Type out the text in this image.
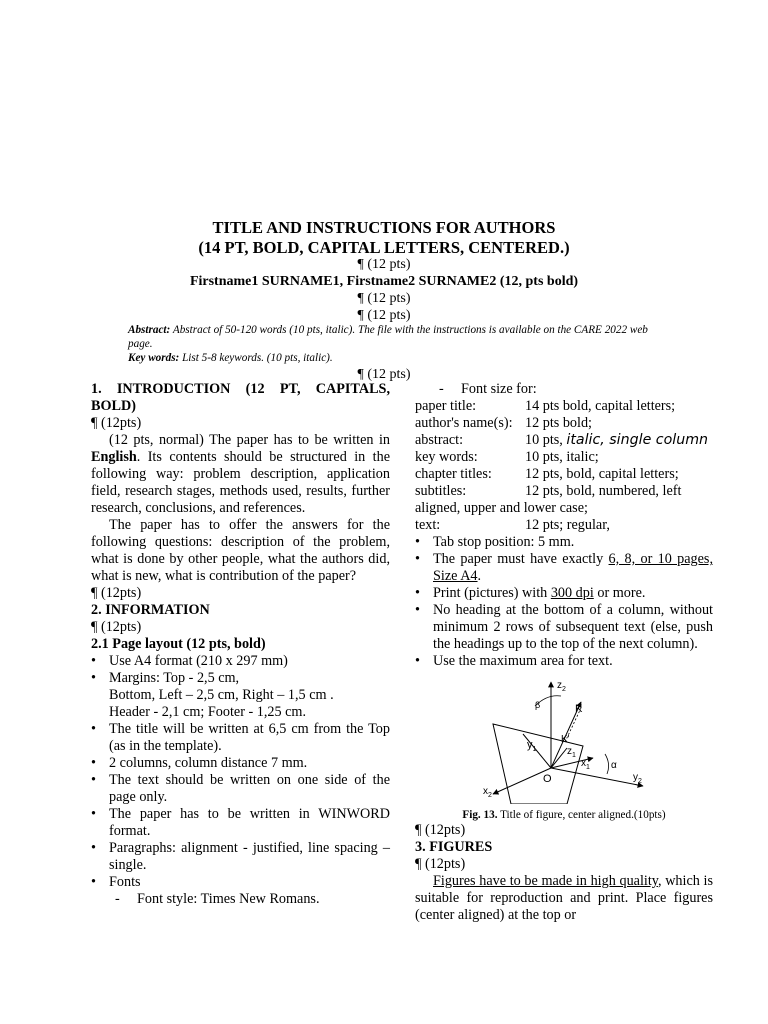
TITLE AND INSTRUCTIONS FOR AUTHORS
(14 PT, BOLD, CAPITAL LETTERS, CENTERED.)
¶ (12 pts)
Firstname1 SURNAME1, Firstname2 SURNAME2 (12, pts bold)
¶ (12 pts)
¶ (12 pts)
Abstract: Abstract of 50-120 words (10 pts, italic). The file with the instructions is available on the CARE 2022 web page.
Key words: List 5-8 keywords. (10 pts, italic).
¶ (12 pts)
1. INTRODUCTION (12 PT, CAPITALS, BOLD)
¶ (12pts)
(12 pts, normal) The paper has to be written in English. Its contents should be structured in the following way: problem description, application field, research stages, methods used, results, further research, conclusions, and references.
The paper has to offer the answers for the following questions: description of the problem, what is done by other people, what the authors did, what is new, what is contribution of the paper?
¶ (12pts)
2. INFORMATION
¶ (12pts)
2.1 Page layout (12 pts, bold)
• Use A4 format (210 x 297 mm)
• Margins: Top - 2,5 cm,
Bottom, Left – 2,5 cm, Right – 1,5 cm .
Header - 2,1 cm; Footer - 1,25 cm.
• The title will be written at 6,5 cm from the Top (as in the template).
• 2 columns, column distance 7 mm.
• The text should be written on one side of the page only.
• The paper has to be written in WINWORD format.
• Paragraphs: alignment - justified, line spacing – single.
• Fonts
- Font style: Times New Romans.
- Font size for:
paper title:	14 pts bold, capital letters;
author's name(s):	12 pts bold;
abstract:	10 pts, italic, single column
key words:	10 pts, italic;
chapter titles:	12 pts, bold, capital letters;
subtitles:	12 pts, bold, numbered, left
aligned, upper and lower case;
text:	12 pts; regular,
• Tab stop position: 5 mm.
• The paper must have exactly 6, 8, or 10 pages, Size A4.
• Print (pictures) with 300 dpi or more.
• No heading at the bottom of a column, without minimum 2 rows of subsequent text (else, push the headings up to the top of the next column).
• Use the maximum area for text.
$z_2$
β	K
K'
$y_1$	$z_1$
$x_1$ α
O
$x_2$
$y_2$
Fig. 13. Title of figure, center aligned.(10pts)
¶ (12pts)
3. FIGURES
¶ (12pts)
Figures have to be made in high quality, which is suitable for reproduction and print. Place figures (center aligned) at the top or
